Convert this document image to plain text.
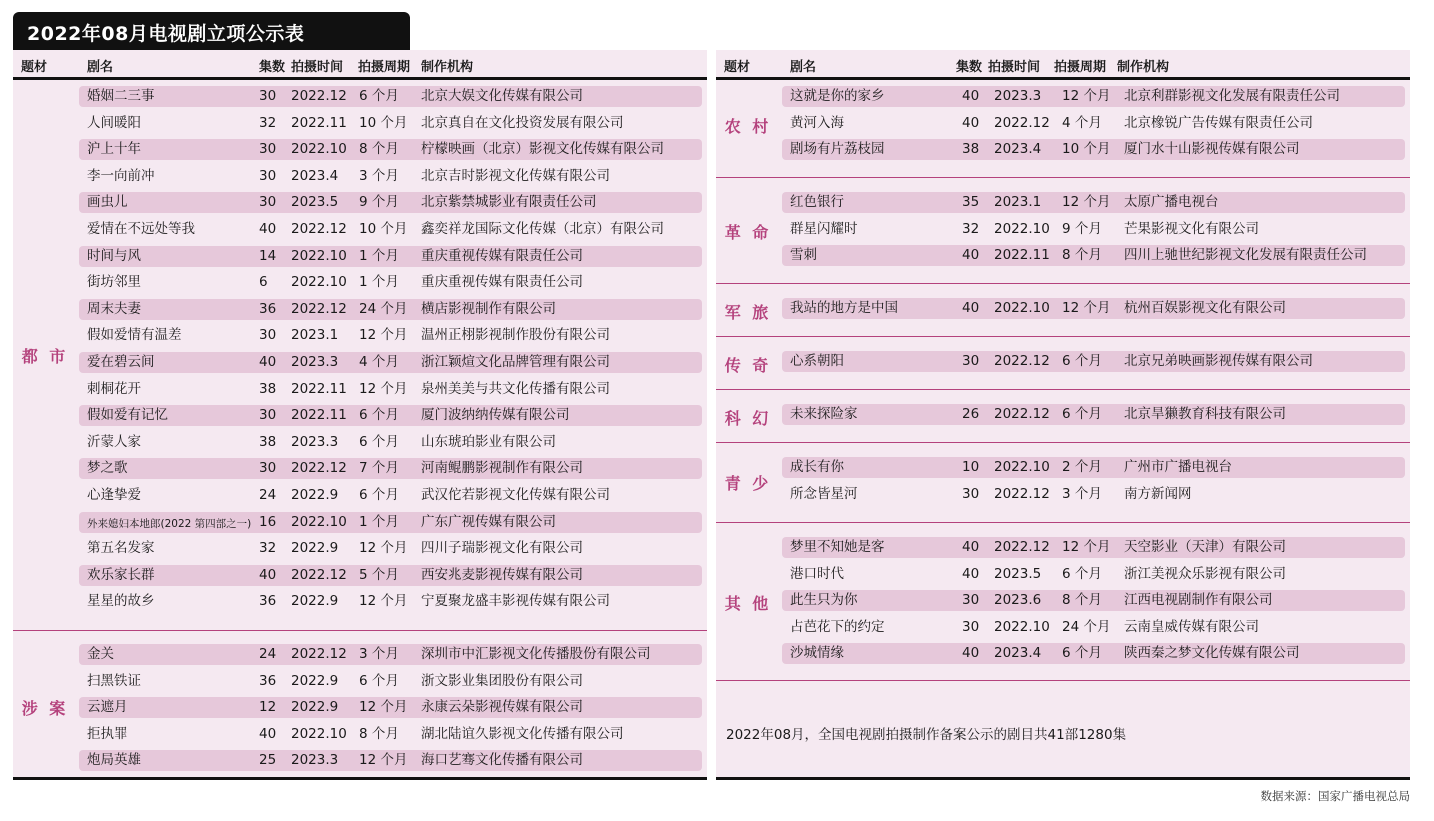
2022年08月电视剧立项公示表
题材	剧名	集数 拍摄时间 拍摄周期 制作机构
都 市
婚姻二三事	30 2022.12 6 个月 北京大娱文化传媒有限公司
人间暖阳	32 2022.11 10 个月 北京真自在文化投资发展有限公司
沪上十年	30 2022.10 8 个月 柠檬映画（北京）影视文化传媒有限公司
李一向前冲	30 2023.4 3 个月 北京吉时影视文化传媒有限公司
画虫儿	30 2023.5 9 个月 北京紫禁城影业有限责任公司
爱情在不远处等我	40 2022.12 10 个月 鑫奕祥龙国际文化传媒（北京）有限公司
时间与风	14 2022.10 1 个月 重庆重视传媒有限责任公司
街坊邻里	6 2022.10 1 个月 重庆重视传媒有限责任公司
周末夫妻	36 2022.12 24 个月 横店影视制作有限公司
假如爱情有温差	30 2023.1 12 个月 温州正栩影视制作股份有限公司
爱在碧云间	40 2023.3 4 个月 浙江颖煊文化品牌管理有限公司
刺桐花开	38 2022.11 12 个月 泉州美美与共文化传播有限公司
假如爱有记忆	30 2022.11 6 个月 厦门波纳纳传媒有限公司
沂蒙人家	38 2023.3 6 个月 山东琥珀影业有限公司
梦之歌	30 2022.12 7 个月 河南鲲鹏影视制作有限公司
心逢挚爱	24 2022.9 6 个月 武汉佗若影视文化传媒有限公司
外来媳妇本地郎(2022 第四部之一) 16 2022.10 1 个月 广东广视传媒有限公司
第五名发家	32 2022.9 12 个月 四川子瑞影视文化有限公司
欢乐家长群	40 2022.12 5 个月 西安兆麦影视传媒有限公司
星星的故乡	36 2022.9 12 个月 宁夏聚龙盛丰影视传媒有限公司
涉 案
金关	24 2022.12 3 个月 深圳市中汇影视文化传播股份有限公司
扫黑铁证	36 2022.9 6 个月 浙文影业集团股份有限公司
云遮月	12 2022.9 12 个月 永康云朵影视传媒有限公司
拒执罪	40 2022.10 8 个月 湖北陆谊久影视文化传播有限公司
炮局英雄	25 2023.3 12 个月 海口艺骞文化传播有限公司
题材	剧名	集数 拍摄时间 拍摄周期 制作机构
2022年08月，全国电视剧拍摄制作备案公示的剧目共41部1280集
农 村
这就是你的家乡	40 2023.3 12 个月 北京利群影视文化发展有限责任公司
黄河入海	40 2022.12 4 个月 北京橡锐广告传媒有限责任公司
剧场有片荔枝园	38 2023.4 10 个月 厦门水十山影视传媒有限公司
革 命
红色银行	35 2023.1 12 个月 太原广播电视台
群星闪耀时	32 2022.10 9 个月 芒果影视文化有限公司
雪刺	40 2022.11 8 个月 四川上驰世纪影视文化发展有限责任公司
军 旅	我站的地方是中国	40 2022.10 12 个月 杭州百娱影视文化有限公司
传 奇	心系朝阳	30 2022.12 6 个月 北京兄弟映画影视传媒有限公司
科 幻	未来探险家	26 2022.12 6 个月 北京旱獭教育科技有限公司
青 少
成长有你	10 2022.10 2 个月 广州市广播电视台
所念皆星河	30 2022.12 3 个月 南方新闻网
其 他
梦里不知她是客	40 2022.12 12 个月 天空影业（天津）有限公司
港口时代	40 2023.5 6 个月 浙江美视众乐影视有限公司
此生只为你	30 2023.6 8 个月 江西电视剧制作有限公司
占芭花下的约定	30 2022.10 24 个月 云南皇威传媒有限公司
沙城情缘	40 2023.4 6 个月 陕西秦之梦文化传媒有限公司
数据来源：国家广播电视总局
